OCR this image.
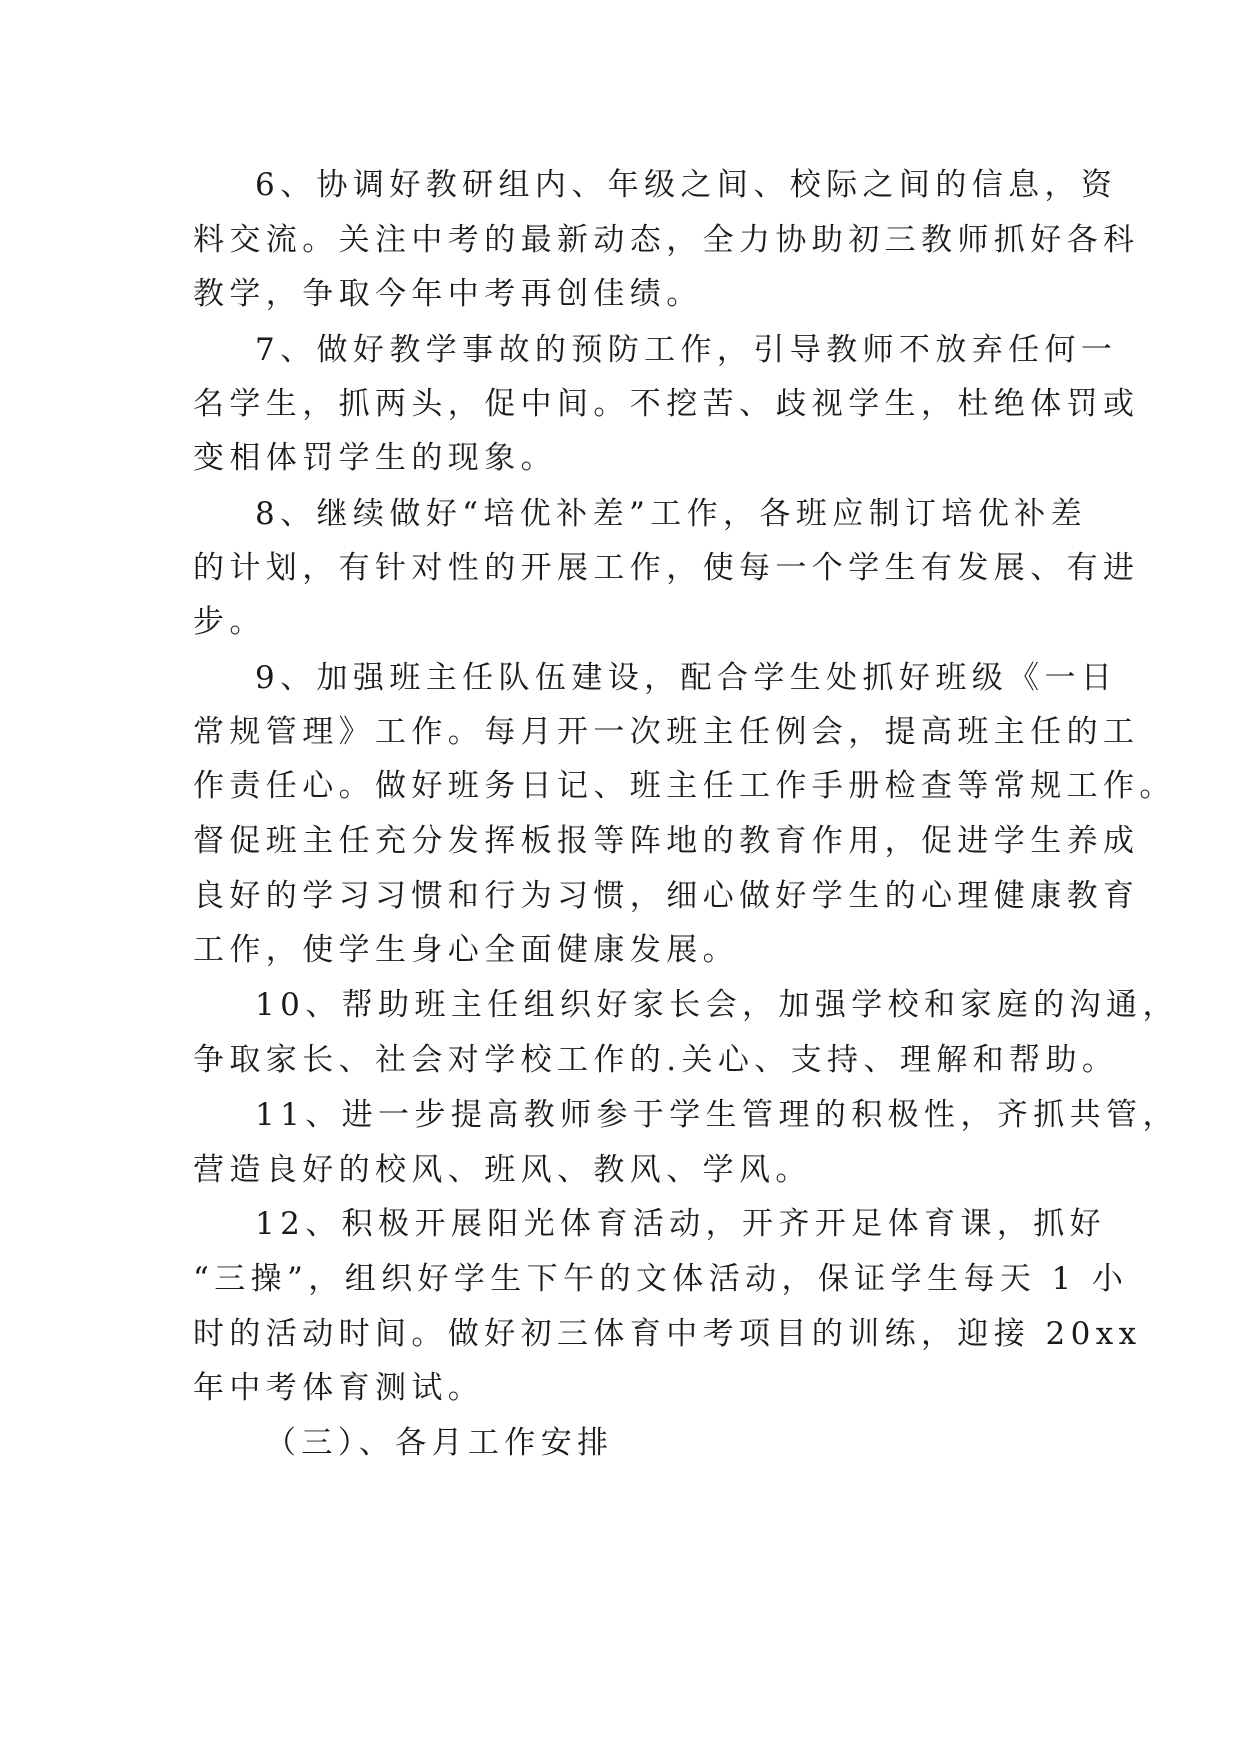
6、协调好教研组内、年级之间、校际之间的信息，资
料交流。关注中考的最新动态，全力协助初三教师抓好各科
教学，争取今年中考再创佳绩。
7、做好教学事故的预防工作，引导教师不放弃任何一
名学生，抓两头，促中间。不挖苦、歧视学生，杜绝体罚或
变相体罚学生的现象。
8、继续做好“培优补差”工作，各班应制订培优补差
的计划，有针对性的开展工作，使每一个学生有发展、有进
步。
9、加强班主任队伍建设，配合学生处抓好班级《一日
常规管理》工作。每月开一次班主任例会，提高班主任的工
作责任心。做好班务日记、班主任工作手册检查等常规工作。
督促班主任充分发挥板报等阵地的教育作用，促进学生养成
良好的学习习惯和行为习惯，细心做好学生的心理健康教育
工作，使学生身心全面健康发展。
10、帮助班主任组织好家长会，加强学校和家庭的沟通，
争取家长、社会对学校工作的.关心、支持、理解和帮助。
11、进一步提高教师参于学生管理的积极性，齐抓共管，
营造良好的校风、班风、教风、学风。
12、积极开展阳光体育活动，开齐开足体育课，抓好
“三操”，组织好学生下午的文体活动，保证学生每天 1 小
时的活动时间。做好初三体育中考项目的训练，迎接 20xx
年中考体育测试。
（三）、各月工作安排
